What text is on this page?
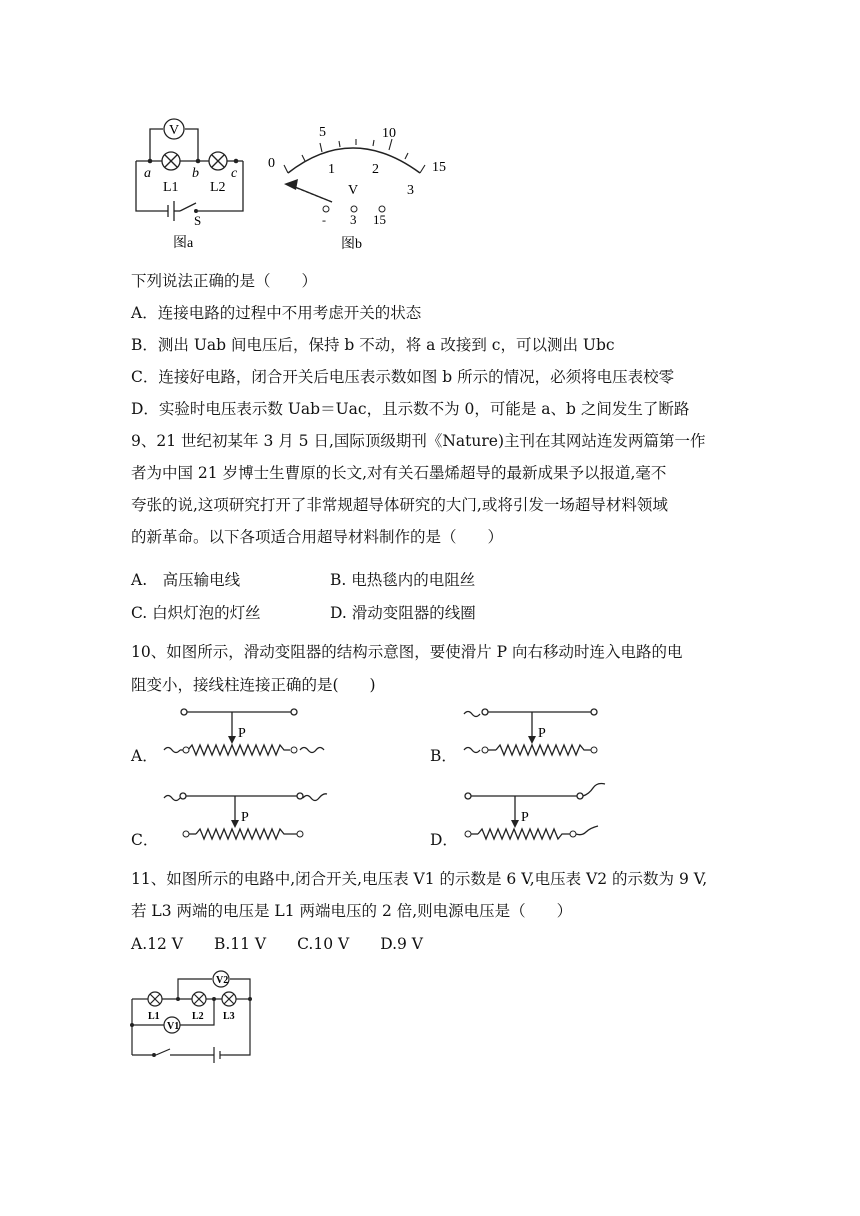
V
a	b c
L1 L2
S
图a
0
5	10
15
1	2
3
V
- 3 15
图b
下列说法正确的是（　　）
A．连接电路的过程中不用考虑开关的状态
B．测出 Uab 间电压后，保持 b 不动，将 a 改接到 c，可以测出 Ubc
C．连接好电路，闭合开关后电压表示数如图 b 所示的情况，必须将电压表校零
D．实验时电压表示数 Uab＝Uac，且示数不为 0，可能是 a、b 之间发生了断路
9、21 世纪初某年 3 月 5 日,国际顶级期刊《Nature)主刊在其网站连发两篇第一作
者为中国 21 岁博士生曹原的长文,对有关石墨烯超导的最新成果予以报道,毫不
夸张的说,这项研究打开了非常规超导体研究的大门,或将引发一场超导材料领域
的新革命。以下各项适合用超导材料制作的是（　　）
A.　高压输电线	B. 电热毯内的电阻丝
C. 白炽灯泡的灯丝	D. 滑动变阻器的线圈
10、如图所示，滑动变阻器的结构示意图，要使滑片 P 向右移动时连入电路的电
阻变小，接线柱连接正确的是(　　)
A．	B．
C．	D．
P	P
P	P
11、如图所示的电路中,闭合开关,电压表 V1 的示数是 6 V,电压表 V2 的示数为 9 V,
若 L3 两端的电压是 L1 两端电压的 2 倍,则电源电压是（　　）
A.12 V　　B.11 V　　C.10 V　　D.9 V
V2
V1
L1	L2 L3
